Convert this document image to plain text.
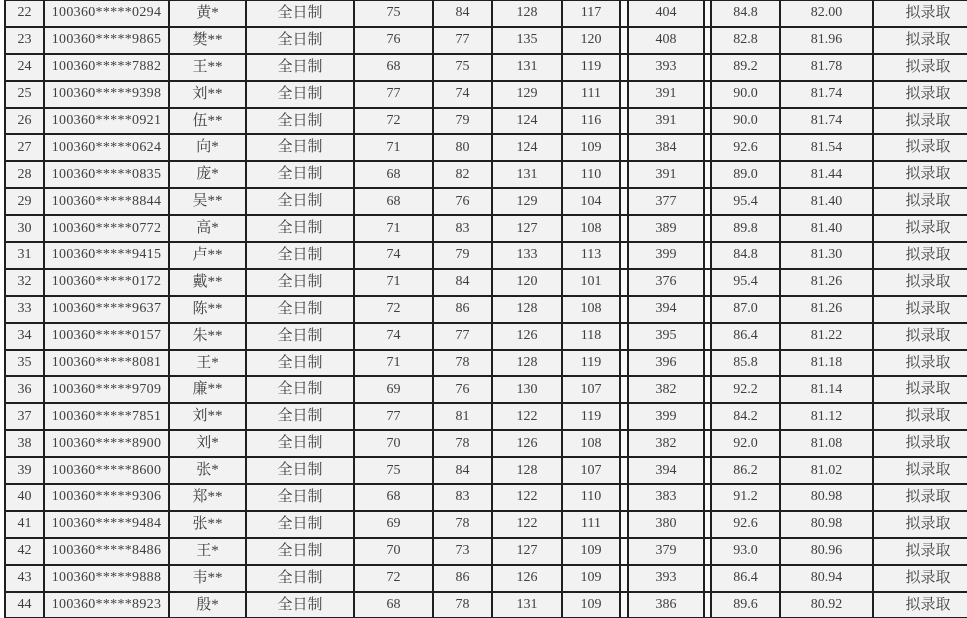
22	100360*****0294	黄*	全日制	75	84	128	117		404		84.8	82.00	拟录取
23	100360*****9865	樊**	全日制	76	77	135	120		408		82.8	81.96	拟录取
24	100360*****7882	王**	全日制	68	75	131	119		393		89.2	81.78	拟录取
25	100360*****9398	刘**	全日制	77	74	129	111		391		90.0	81.74	拟录取
26	100360*****0921	伍**	全日制	72	79	124	116		391		90.0	81.74	拟录取
27	100360*****0624	向*	全日制	71	80	124	109		384		92.6	81.54	拟录取
28	100360*****0835	庞*	全日制	68	82	131	110		391		89.0	81.44	拟录取
29	100360*****8844	吴**	全日制	68	76	129	104		377		95.4	81.40	拟录取
30	100360*****0772	高*	全日制	71	83	127	108		389		89.8	81.40	拟录取
31	100360*****9415	卢**	全日制	74	79	133	113		399		84.8	81.30	拟录取
32	100360*****0172	戴**	全日制	71	84	120	101		376		95.4	81.26	拟录取
33	100360*****9637	陈**	全日制	72	86	128	108		394		87.0	81.26	拟录取
34	100360*****0157	朱**	全日制	74	77	126	118		395		86.4	81.22	拟录取
35	100360*****8081	王*	全日制	71	78	128	119		396		85.8	81.18	拟录取
36	100360*****9709	廉**	全日制	69	76	130	107		382		92.2	81.14	拟录取
37	100360*****7851	刘**	全日制	77	81	122	119		399		84.2	81.12	拟录取
38	100360*****8900	刘*	全日制	70	78	126	108		382		92.0	81.08	拟录取
39	100360*****8600	张*	全日制	75	84	128	107		394		86.2	81.02	拟录取
40	100360*****9306	郑**	全日制	68	83	122	110		383		91.2	80.98	拟录取
41	100360*****9484	张**	全日制	69	78	122	111		380		92.6	80.98	拟录取
42	100360*****8486	王*	全日制	70	73	127	109		379		93.0	80.96	拟录取
43	100360*****9888	韦**	全日制	72	86	126	109		393		86.4	80.94	拟录取
44	100360*****8923	殷*	全日制	68	78	131	109		386		89.6	80.92	拟录取
